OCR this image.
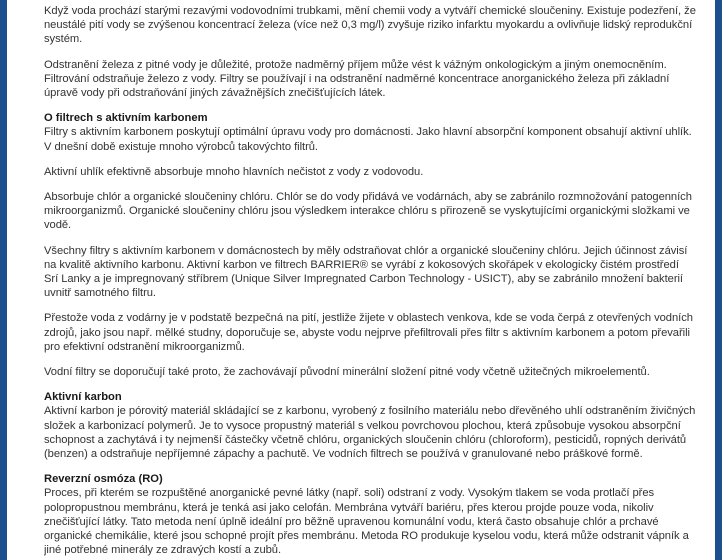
Když voda prochází starými rezavými vodovodními trubkami, mění chemii vody a vytváří chemické sloučeniny. Existuje podezření, že neustálé pití vody se zvýšenou koncentrací železa (více než 0,3 mg/l) zvyšuje riziko infarktu myokardu a ovlivňuje lidský reprodukční systém.

Odstranění železa z pitné vody je důležité, protože nadměrný příjem může vést k vážným onkologickým a jiným onemocněním. Filtrování odstraňuje železo z vody. Filtry se používají i na odstranění nadměrné koncentrace anorganického železa při základní úpravě vody při odstraňování jiných závažnějších znečišťujících látek.

O filtrech s aktivním karbonem

Filtry s aktivním karbonem poskytují optimální úpravu vody pro domácnosti. Jako hlavní absorpční komponent obsahují aktivní uhlík. V dnešní době existuje mnoho výrobců takovýchto filtrů.

Aktivní uhlík efektivně absorbuje mnoho hlavních nečistot z vody z vodovodu.

Absorbuje chlór a organické sloučeniny chlóru. Chlór se do vody přidává ve vodárnách, aby se zabránilo rozmnožování patogenních mikroorganizmů. Organické sloučeniny chlóru jsou výsledkem interakce chlóru s přirozeně se vyskytujícími organickými složkami ve vodě.

Všechny filtry s aktivním karbonem v domácnostech by měly odstraňovat chlór a organické sloučeniny chlóru. Jejich účinnost závisí na kvalitě aktivního karbonu. Aktivní karbon ve filtrech BARRIER® se vyrábí z kokosových skořápek v ekologicky čistém prostředí Srí Lanky a je impregnovaný stříbrem (Unique Silver Impregnated Carbon Technology - USICT), aby se zabránilo množení bakterií uvnitř samotného filtru.

Přestože voda z vodárny je v podstatě bezpečná na pití, jestliže žijete v oblastech venkova, kde se voda čerpá z otevřených vodních zdrojů, jako jsou např. mělké studny, doporučuje se, abyste vodu nejprve přefiltrovali přes filtr s aktivním karbonem a potom převařili pro efektivní odstranění mikroorganizmů.

Vodní filtry se doporučují také proto, že zachovávají původní minerální složení pitné vody včetně užitečných mikroelementů.

Aktivní karbon

Aktivní karbon je pórovitý materiál skládající se z karbonu, vyrobený z fosilního materiálu nebo dřevěného uhlí odstraněním živičných složek a karbonizací polymerů. Je to vysoce propustný materiál s velkou povrchovou plochou, která způsobuje vysokou absorpční schopnost a zachytává i ty nejmenší částečky včetně chlóru, organických sloučenin chlóru (chloroform), pesticidů, ropných derivátů (benzen) a odstraňuje nepříjemné zápachy a pachutě. Ve vodních filtrech se používá v granulované nebo práškové formě.

Reverzní osmóza (RO)

Proces, při kterém se rozpuštěné anorganické pevné látky (např. soli) odstraní z vody. Vysokým tlakem se voda protlačí přes polopropustnou membránu, která je tenká asi jako celofán. Membrána vytváří bariéru, přes kterou projde pouze voda, nikoliv znečišťující látky. Tato metoda není úplně ideální pro běžně upravenou komunální vodu, která často obsahuje chlór a prchavé organické chemikálie, které jsou schopné projít přes membránu. Metoda RO produkuje kyselou vodu, která může odstranit vápník a jiné potřebné minerály ze zdravých kostí a zubů.
